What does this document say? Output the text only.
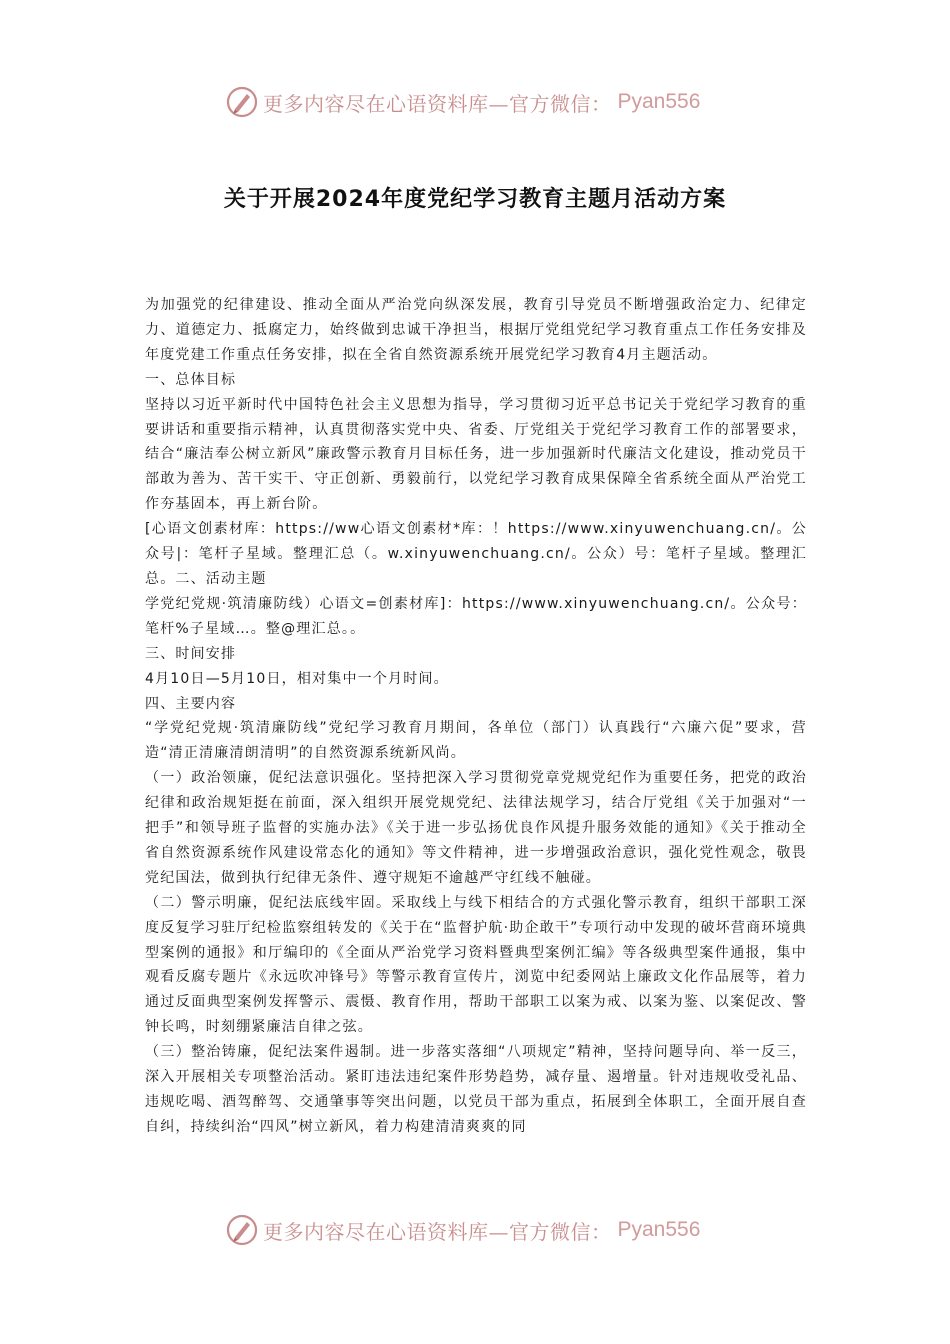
更多内容尽在心语资料库—官方微信： Pyan556
关于开展2024年度党纪学习教育主题月活动方案

为加强党的纪律建设、推动全面从严治党向纵深发展，教育引导党员不断增强政治定力、纪律定力、道德定力、抵腐定力，始终做到忠诚干净担当，根据厅党组党纪学习教育重点工作任务安排及年度党建工作重点任务安排，拟在全省自然资源系统开展党纪学习教育4月主题活动。

一、总体目标

坚持以习近平新时代中国特色社会主义思想为指导，学习贯彻习近平总书记关于党纪学习教育的重要讲话和重要指示精神，认真贯彻落实党中央、省委、厅党组关于党纪学习教育工作的部署要求，结合“廉洁奉公树立新风”廉政警示教育月目标任务，进一步加强新时代廉洁文化建设，推动党员干部敢为善为、苦干实干、守正创新、勇毅前行，以党纪学习教育成果保障全省系统全面从严治党工作夯基固本，再上新台阶。

[心语文创素材库：https://ww心语文创素材*库：！https://www.xinyuwenchuang.cn/。公众号|：笔杆子星域。整理汇总（。w.xinyuwenchuang.cn/。公众）号：笔杆子星域。整理汇总。二、活动主题

学党纪党规·筑清廉防线）心语文=创素材库]：https://www.xinyuwenchuang.cn/。公众号：笔杆%子星域…。整@理汇总。。

三、时间安排

4月10日—5月10日，相对集中一个月时间。

四、主要内容

“学党纪党规·筑清廉防线”党纪学习教育月期间，各单位（部门）认真践行“六廉六促”要求，营造“清正清廉清朗清明”的自然资源系统新风尚。

（一）政治领廉，促纪法意识强化。坚持把深入学习贯彻党章党规党纪作为重要任务，把党的政治纪律和政治规矩挺在前面，深入组织开展党规党纪、法律法规学习，结合厅党组《关于加强对“一把手”和领导班子监督的实施办法》《关于进一步弘扬优良作风提升服务效能的通知》《关于推动全省自然资源系统作风建设常态化的通知》等文件精神，进一步增强政治意识，强化党性观念，敬畏党纪国法，做到执行纪律无条件、遵守规矩不逾越严守红线不触碰。

（二）警示明廉，促纪法底线牢固。采取线上与线下相结合的方式强化警示教育，组织干部职工深度反复学习驻厅纪检监察组转发的《关于在“监督护航·助企敢干”专项行动中发现的破坏营商环境典型案例的通报》和厅编印的《全面从严治党学习资料暨典型案例汇编》等各级典型案件通报，集中观看反腐专题片《永远吹冲锋号》等警示教育宣传片，浏览中纪委网站上廉政文化作品展等，着力通过反面典型案例发挥警示、震慑、教育作用，帮助干部职工以案为戒、以案为鉴、以案促改、警钟长鸣，时刻绷紧廉洁自律之弦。

（三）整治铸廉，促纪法案件遏制。进一步落实落细“八项规定”精神，坚持问题导向、举一反三，深入开展相关专项整治活动。紧盯违法违纪案件形势趋势，减存量、遏增量。针对违规收受礼品、违规吃喝、酒驾醉驾、交通肇事等突出问题，以党员干部为重点，拓展到全体职工，全面开展自查自纠，持续纠治“四风”树立新风，着力构建清清爽爽的同

更多内容尽在心语资料库—官方微信： Pyan556
